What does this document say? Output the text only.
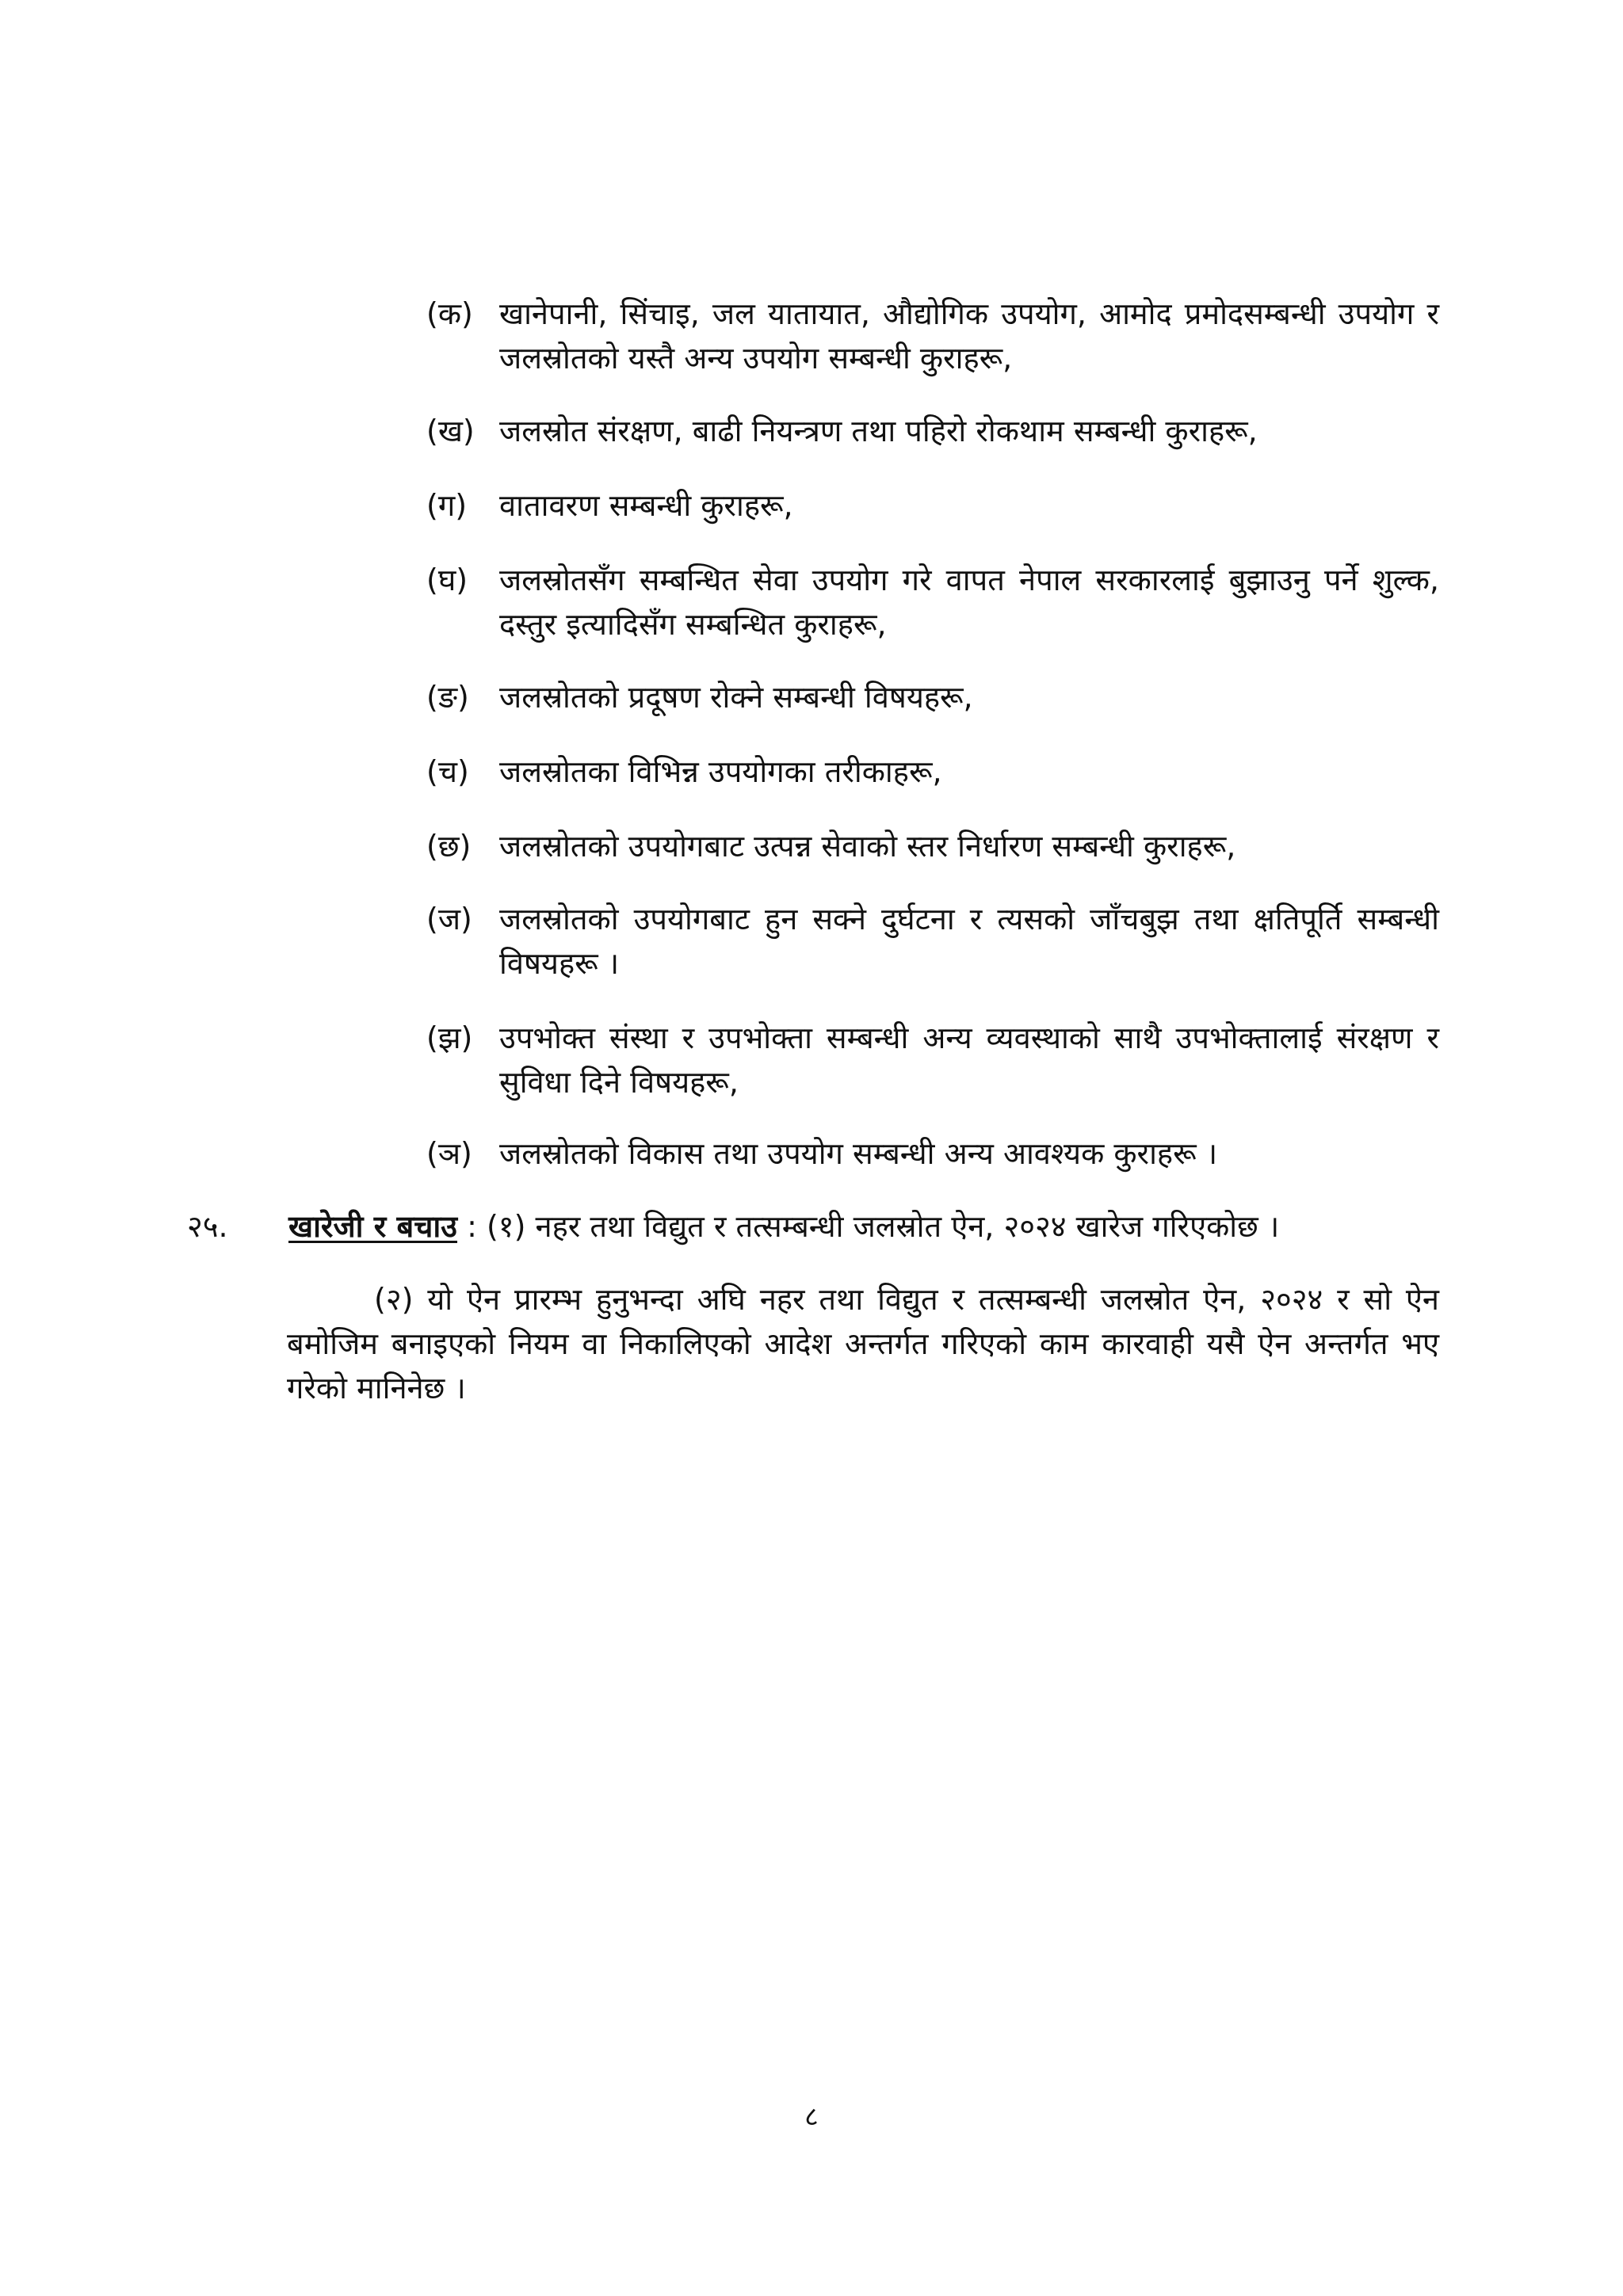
(क) खानेपानी, सिंचाइ, जल यातायात, औद्योगिक उपयोग, आमोद प्रमोदसम्बन्धी उपयोग र जलस्रोतको यस्तै अन्य उपयोग सम्बन्धी कुराहरू,
(ख) जलस्रोत संरक्षण, बाढी नियन्त्रण तथा पहिरो रोकथाम सम्बन्धी कुराहरू,
(ग)	वातावरण सम्बन्धी कुराहरू,
(घ)	जलस्रोतसँग सम्बन्धित सेवा उपयोग गरे वापत नेपाल सरकारलाई बुझाउनु पर्ने शुल्क, दस्तुर इत्यादिसँग सम्बन्धित कुराहरू,
(ङ)	जलस्रोतको प्रदूषण रोक्ने सम्बन्धी विषयहरू,
(च)	जलस्रोतका विभिन्न उपयोगका तरीकाहरू,
(छ) जलस्रोतको उपयोगबाट उत्पन्न सेवाको स्तर निर्धारण सम्बन्धी कुराहरू,
(ज) जलस्रोतको उपयोगबाट हुन सक्ने दुर्घटना र त्यसको जाँचबुझ तथा क्षतिपूर्ति सम्बन्धी विषयहरू ।
(झ) उपभोक्त संस्था र उपभोक्ता सम्बन्धी अन्य व्यवस्थाको साथै उपभोक्तालाई संरक्षण र सुविधा दिने विषयहरू,
(ञ) जलस्रोतको विकास तथा उपयोग सम्बन्धी अन्य आवश्यक कुराहरू ।
२५. खारेजी र बचाउ : (१) नहर तथा विद्युत र तत्सम्बन्धी जलस्रोत ऐन, २०२४ खारेज गरिएकोछ ।
(२) यो ऐन प्रारम्भ हुनुभन्दा अघि नहर तथा विद्युत र तत्सम्बन्धी जलस्रोत ऐन, २०२४ र सो ऐन बमोजिम बनाइएको नियम वा निकालिएको आदेश अन्तर्गत गरिएको काम कारवाही यसै ऐन अन्तर्गत भए गरेको मानिनेछ ।
८
